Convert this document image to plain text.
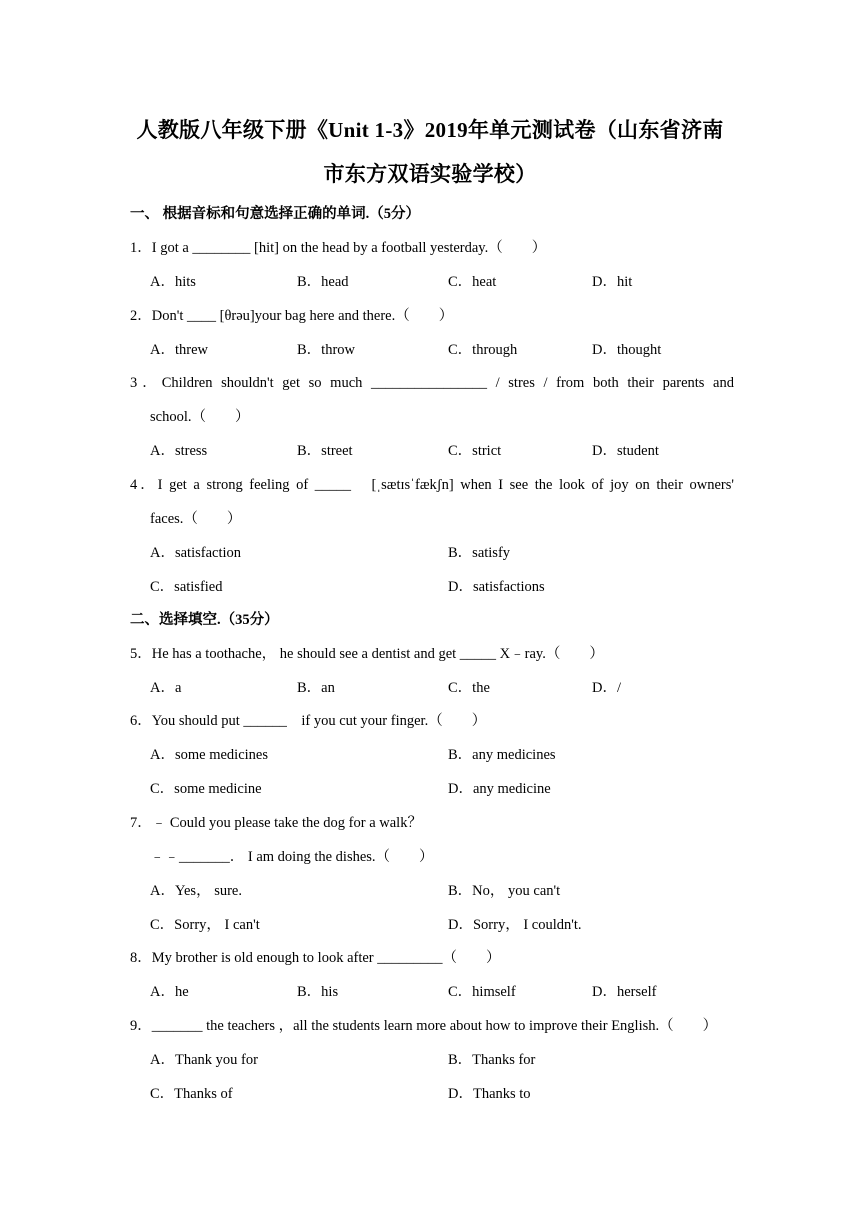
人教版八年级下册《Unit 1-3》2019年单元测试卷（山东省济南
市东方双语实验学校）
一、 根据音标和句意选择正确的单词.（5分）
1．I got a ________ [hit] on the head by a football yesterday.（　　）
A．hits	B．head	C．heat	D．hit
2．Don't ____ [θrəu]your bag here and there.（　　）
A．threw	B．throw	C．through	D．thought
3．Children shouldn't get so much ________________ / stres / from both their parents and
school.（　　）
A．stress	B．street	C．strict	D．student
4．I get a strong feeling of _____　[ˌsætɪsˈfækʃn] when I see the look of joy on their owners'
faces.（　　）
A．satisfaction	B．satisfy
C．satisfied	D．satisfactions
二、选择填空.（35分）
5．He has a toothache， he should see a dentist and get _____ X﹣ray.（　　）
A．a	B．an	C．the	D．/
6．You should put ______　if you cut your finger.（　　）
A．some medicines	B．any medicines
C．some medicine	D．any medicine
7．﹣ Could you please take the dog for a walk？
﹣﹣_______． I am doing the dishes.（　　）
A．Yes， sure.	B．No， you can't
C．Sorry， I can't	D．Sorry， I couldn't.
8．My brother is old enough to look after _________（　　）
A．he	B．his	C．himself	D．herself
9．_______ the teachers ，all the students learn more about how to improve their English.（　　）
A．Thank you for	B．Thanks for
C．Thanks of	D．Thanks to
